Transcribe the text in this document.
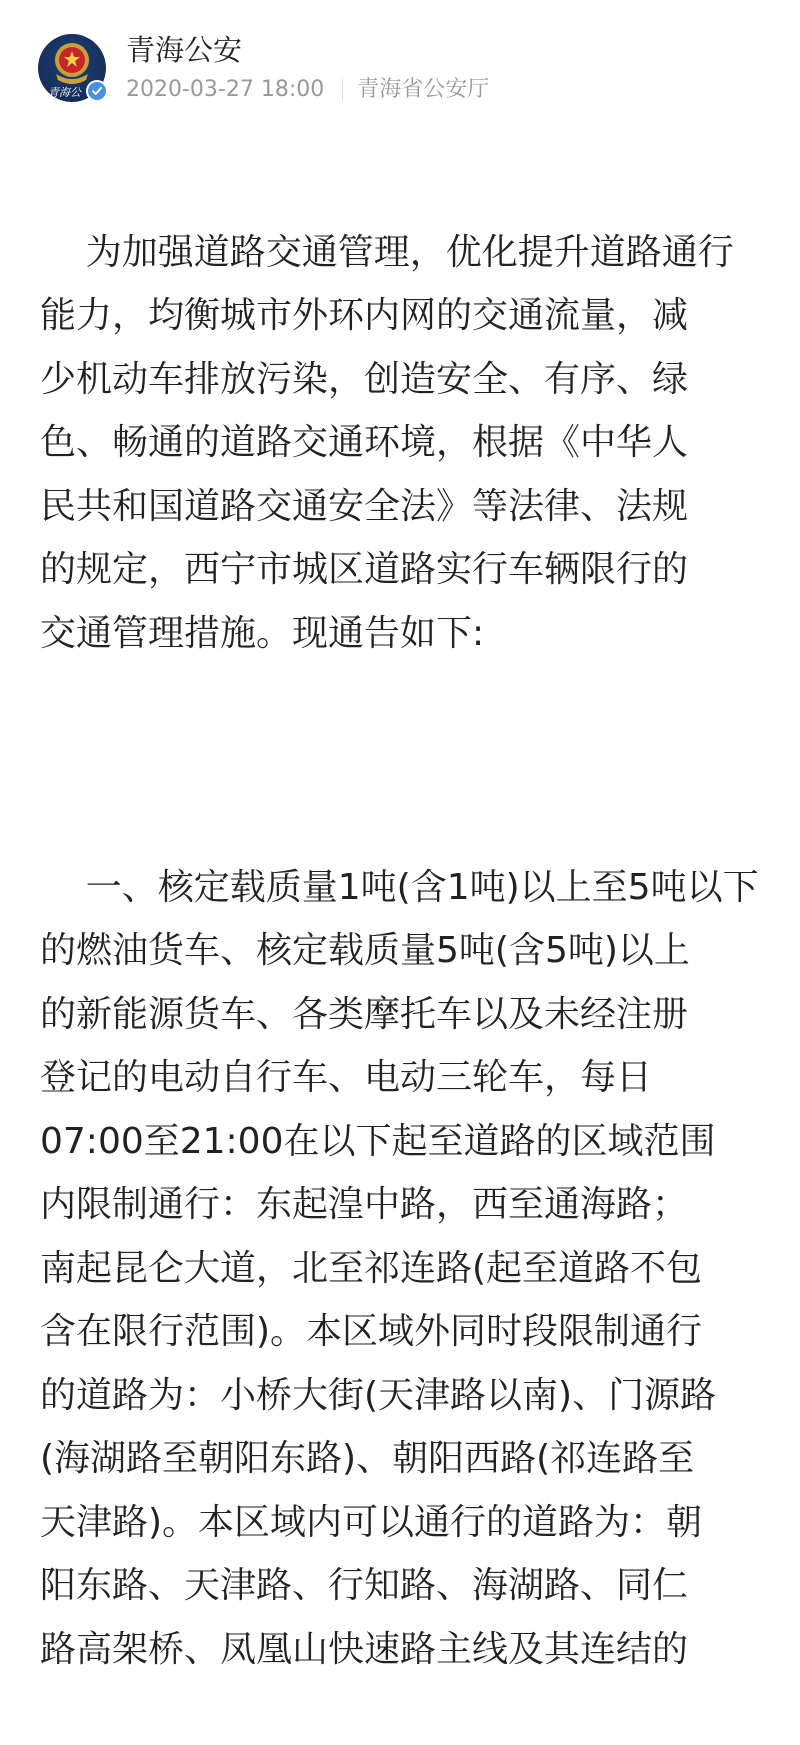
青海公
青海公安
2020-03-27 18:00 青海省公安厅

为加强道路交通管理，优化提升道路通行
能力，均衡城市外环内网的交通流量，减
少机动车排放污染，创造安全、有序、绿
色、畅通的道路交通环境，根据《中华人
民共和国道路交通安全法》等法律、法规
的规定，西宁市城区道路实行车辆限行的
交通管理措施。现通告如下:

一、核定载质量1吨(含1吨)以上至5吨以下
的燃油货车、核定载质量5吨(含5吨)以上
的新能源货车、各类摩托车以及未经注册
登记的电动自行车、电动三轮车，每日
07:00至21:00在以下起至道路的区域范围
内限制通行：东起湟中路，西至通海路；
南起昆仑大道，北至祁连路(起至道路不包
含在限行范围)。本区域外同时段限制通行
的道路为：小桥大街(天津路以南)、门源路
(海湖路至朝阳东路)、朝阳西路(祁连路至
天津路)。本区域内可以通行的道路为：朝
阳东路、天津路、行知路、海湖路、同仁
路高架桥、凤凰山快速路主线及其连结的
